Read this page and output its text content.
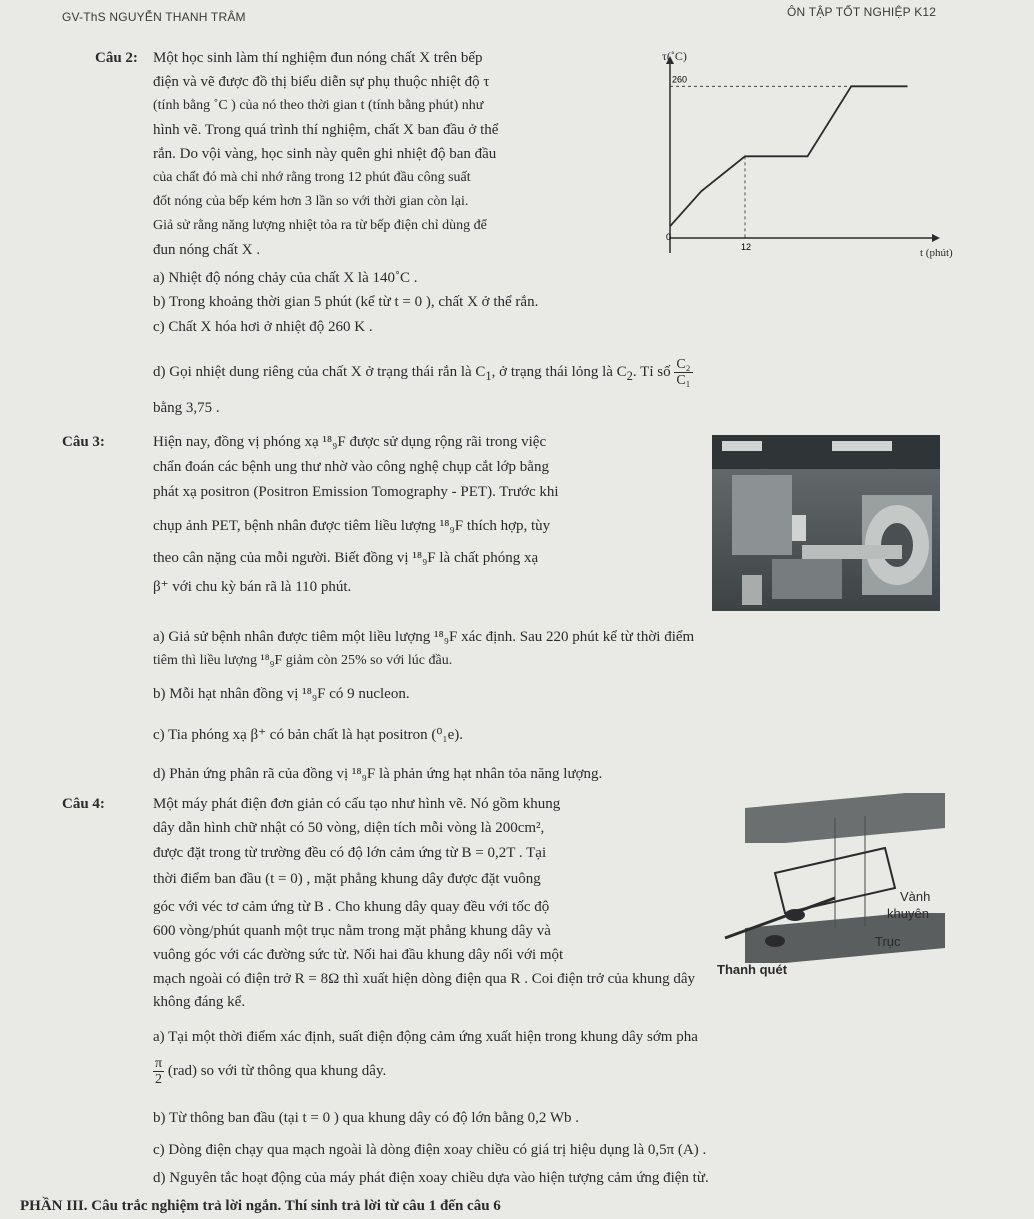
GV-ThS NGUYỄN THANH TRÂM	ÔN TẬP TỐT NGHIỆP K12
Câu 2: Một học sinh làm thí nghiệm đun nóng chất X trên bếp
điện và vẽ được đồ thị biểu diễn sự phụ thuộc nhiệt độ τ
(tính bằng ˚C ) của nó theo thời gian t (tính bằng phút) như
hình vẽ. Trong quá trình thí nghiệm, chất X ban đầu ở thể
rắn. Do vội vàng, học sinh này quên ghi nhiệt độ ban đầu
của chất đó mà chỉ nhớ rằng trong 12 phút đầu công suất
đốt nóng của bếp kém hơn 3 lần so với thời gian còn lại.
Giả sử rằng năng lượng nhiệt tỏa ra từ bếp điện chỉ dùng để
đun nóng chất X .
τ(˚C)
t (phút)
260
0
12
a) Nhiệt độ nóng chảy của chất X là 140˚C .
b) Trong khoảng thời gian 5 phút (kể từ t = 0 ), chất X ở thể rắn.
c) Chất X hóa hơi ở nhiệt độ 260 K .
d) Gọi nhiệt dung riêng của chất X ở trạng thái rắn là $C_1$, ở trạng thái lỏng là $C_2$. Tỉ số $\frac{\text{C₂}}{\text{C₁}}$
bằng 3,75 .
Câu 3:	Hiện nay, đồng vị phóng xạ ¹⁸₉F được sử dụng rộng rãi trong việc
chẩn đoán các bệnh ung thư nhờ vào công nghệ chụp cắt lớp bằng
phát xạ positron (Positron Emission Tomography - PET). Trước khi
chụp ảnh PET, bệnh nhân được tiêm liều lượng ¹⁸₉F thích hợp, tùy
theo cân nặng của mỗi người. Biết đồng vị ¹⁸₉F là chất phóng xạ
β⁺ với chu kỳ bán rã là 110 phút.
a) Giả sử bệnh nhân được tiêm một liều lượng ¹⁸₉F xác định. Sau 220 phút kể từ thời điểm
tiêm thì liều lượng ¹⁸₉F giảm còn 25% so với lúc đầu.
b) Mỗi hạt nhân đồng vị ¹⁸₉F có 9 nucleon.
c) Tia phóng xạ β⁺ có bản chất là hạt positron (⁰₁e).
d) Phản ứng phân rã của đồng vị ¹⁸₉F là phản ứng hạt nhân tỏa năng lượng.
Câu 4:	Một máy phát điện đơn giản có cấu tạo như hình vẽ. Nó gồm khung
dây dẫn hình chữ nhật có 50 vòng, diện tích mỗi vòng là 200cm²,
được đặt trong từ trường đều có độ lớn cảm ứng từ B = 0,2T . Tại
thời điểm ban đầu (t = 0) , mặt phẳng khung dây được đặt vuông
góc với véc tơ cảm ứng từ B . Cho khung dây quay đều với tốc độ
600 vòng/phút quanh một trục nằm trong mặt phẳng khung dây và
vuông góc với các đường sức từ. Nối hai đầu khung dây nối với một
mạch ngoài có điện trở R = 8Ω thì xuất hiện dòng điện qua R . Coi điện trở của khung dây
không đáng kể.
Vành
khuyên
Trục
Thanh quét
a) Tại một thời điểm xác định, suất điện động cảm ứng xuất hiện trong khung dây sớm pha
$\frac{\pi}{2} (rad)$ so với từ thông qua khung dây.
b) Từ thông ban đầu (tại t = 0 ) qua khung dây có độ lớn bằng 0,2 Wb .
c) Dòng điện chạy qua mạch ngoài là dòng điện xoay chiều có giá trị hiệu dụng là 0,5π (A) .
d) Nguyên tắc hoạt động của máy phát điện xoay chiều dựa vào hiện tượng cảm ứng điện từ.
PHẦN III. Câu trắc nghiệm trả lời ngắn. Thí sinh trả lời từ câu 1 đến câu 6
